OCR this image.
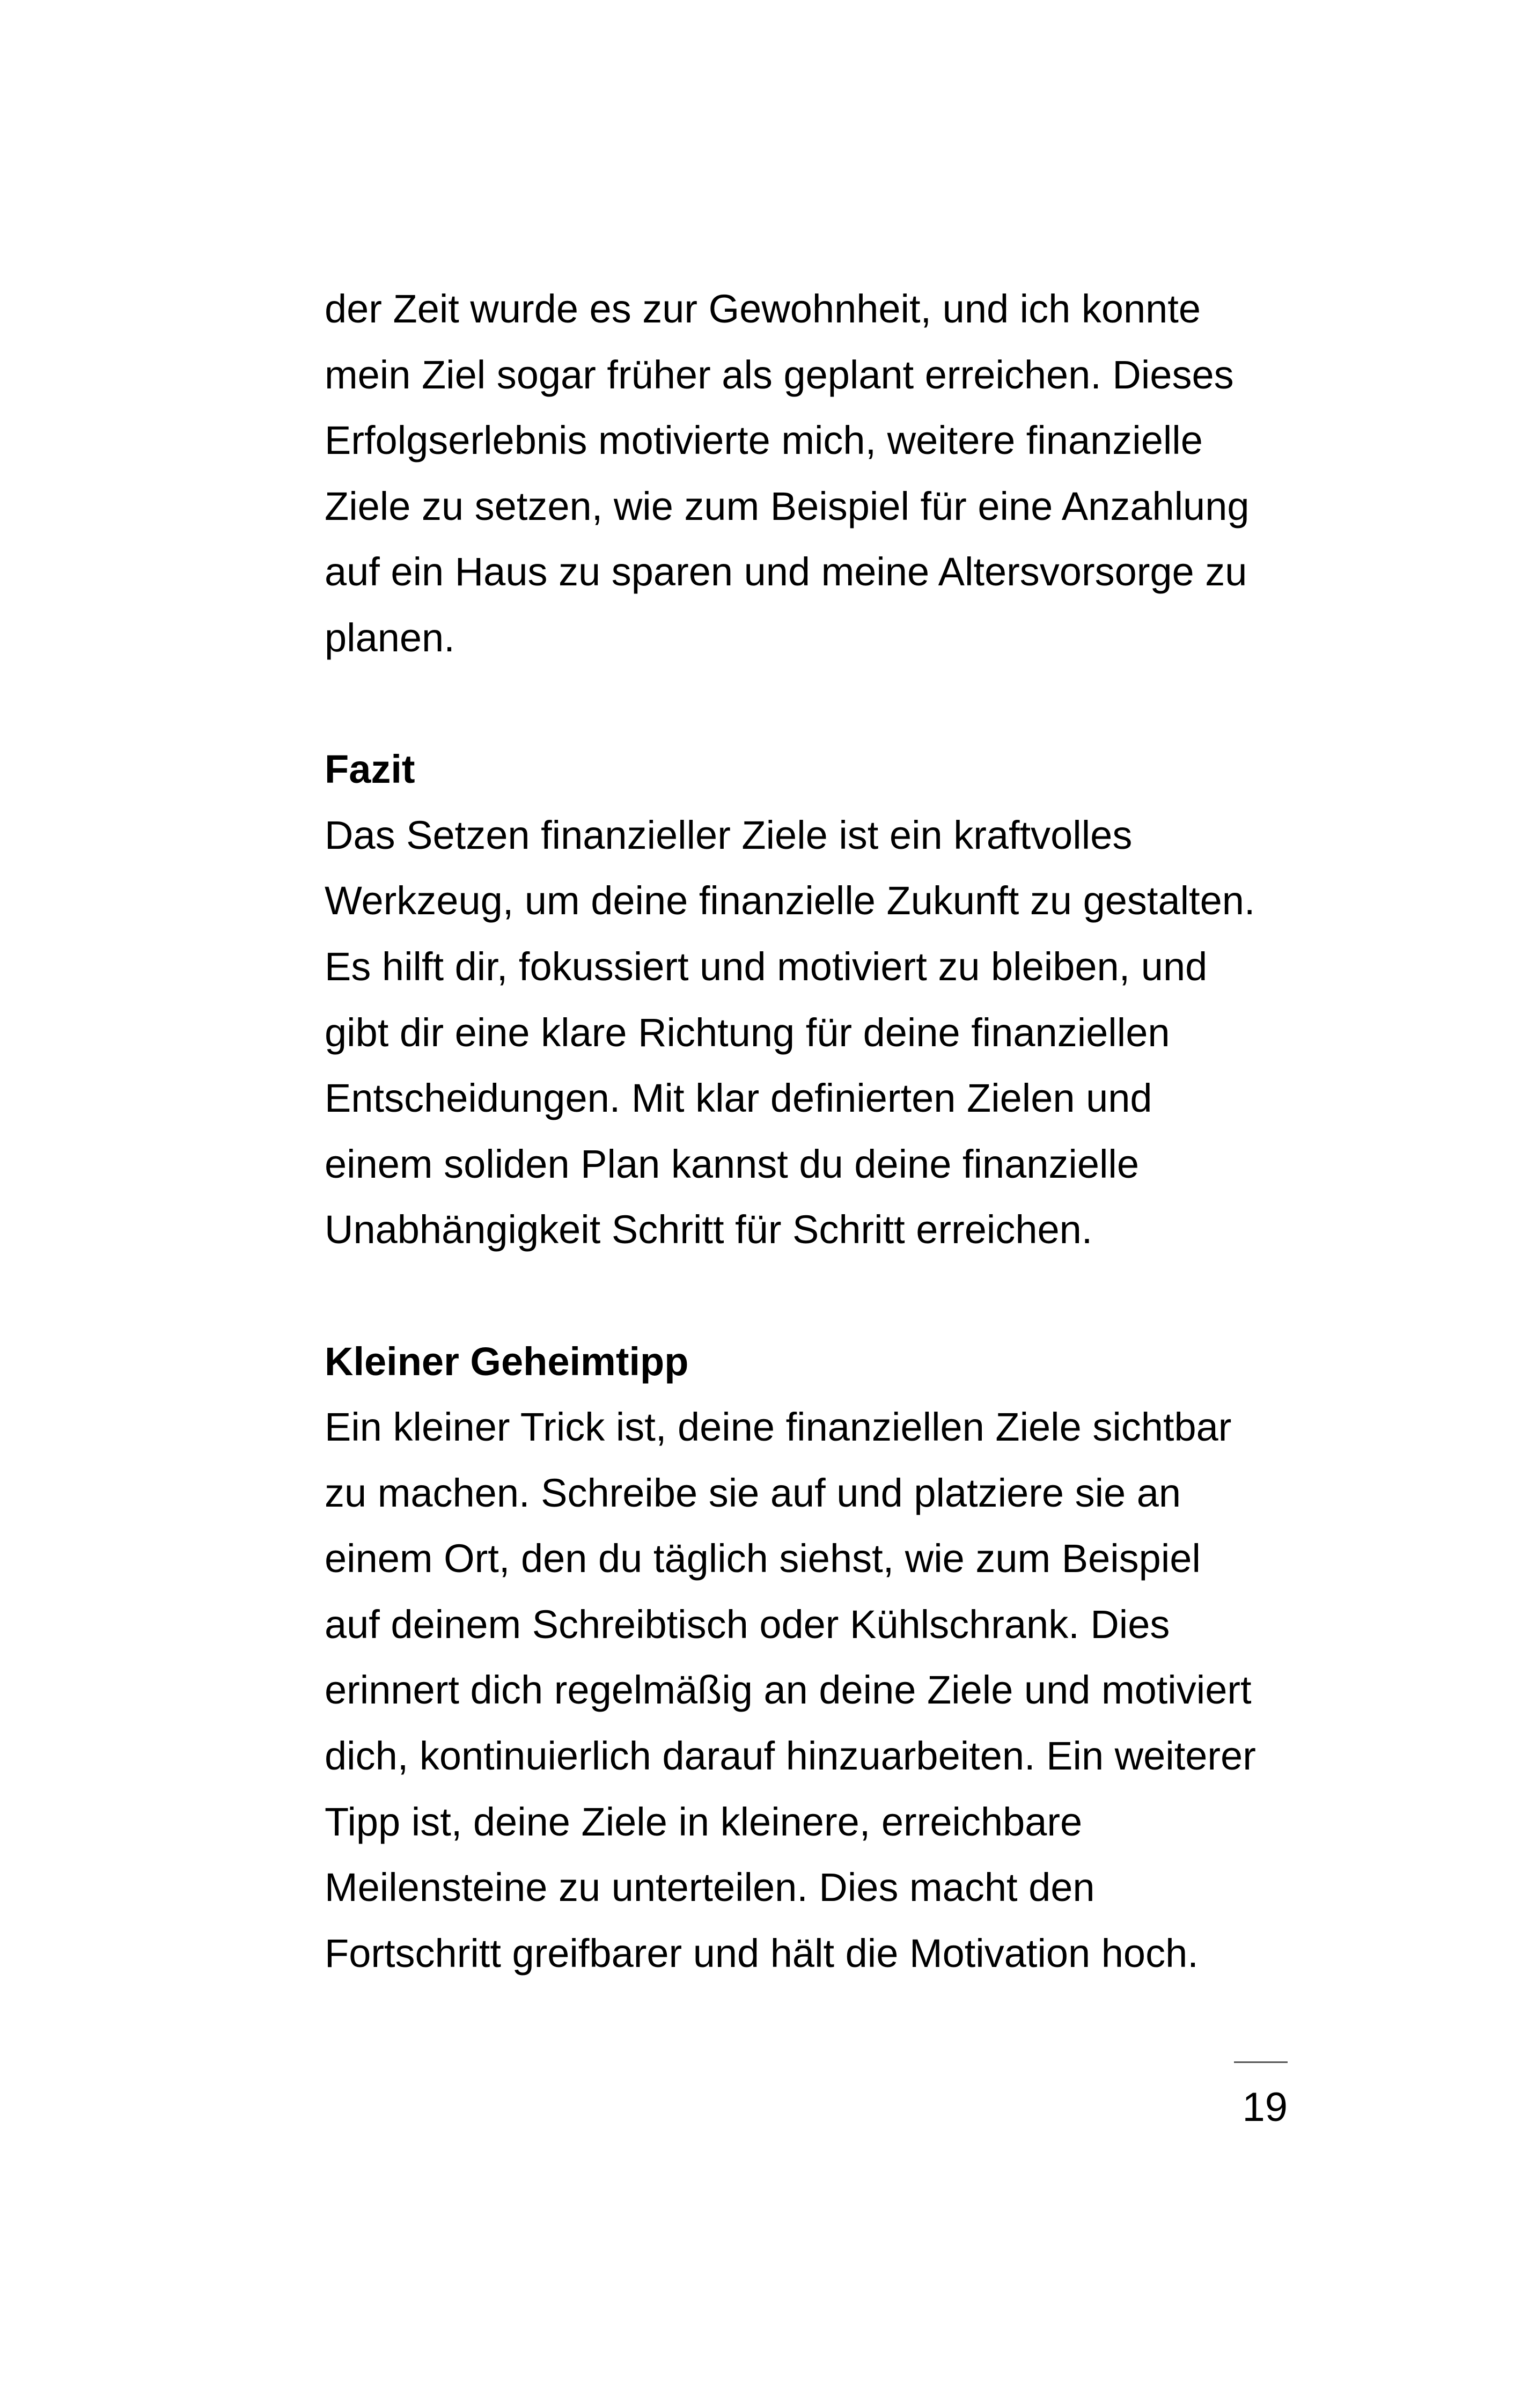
der Zeit wurde es zur Gewohnheit, und ich konnte
mein Ziel sogar früher als geplant erreichen. Dieses
Erfolgserlebnis motivierte mich, weitere finanzielle
Ziele zu setzen, wie zum Beispiel für eine Anzahlung
auf ein Haus zu sparen und meine Altersvorsorge zu
planen.
Fazit
Das Setzen finanzieller Ziele ist ein kraftvolles
Werkzeug, um deine finanzielle Zukunft zu gestalten.
Es hilft dir, fokussiert und motiviert zu bleiben, und
gibt dir eine klare Richtung für deine finanziellen
Entscheidungen. Mit klar definierten Zielen und
einem soliden Plan kannst du deine finanzielle
Unabhängigkeit Schritt für Schritt erreichen.
Kleiner Geheimtipp
Ein kleiner Trick ist, deine finanziellen Ziele sichtbar
zu machen. Schreibe sie auf und platziere sie an
einem Ort, den du täglich siehst, wie zum Beispiel
auf deinem Schreibtisch oder Kühlschrank. Dies
erinnert dich regelmäßig an deine Ziele und motiviert
dich, kontinuierlich darauf hinzuarbeiten. Ein weiterer
Tipp ist, deine Ziele in kleinere, erreichbare
Meilensteine zu unterteilen. Dies macht den
Fortschritt greifbarer und hält die Motivation hoch.
19
